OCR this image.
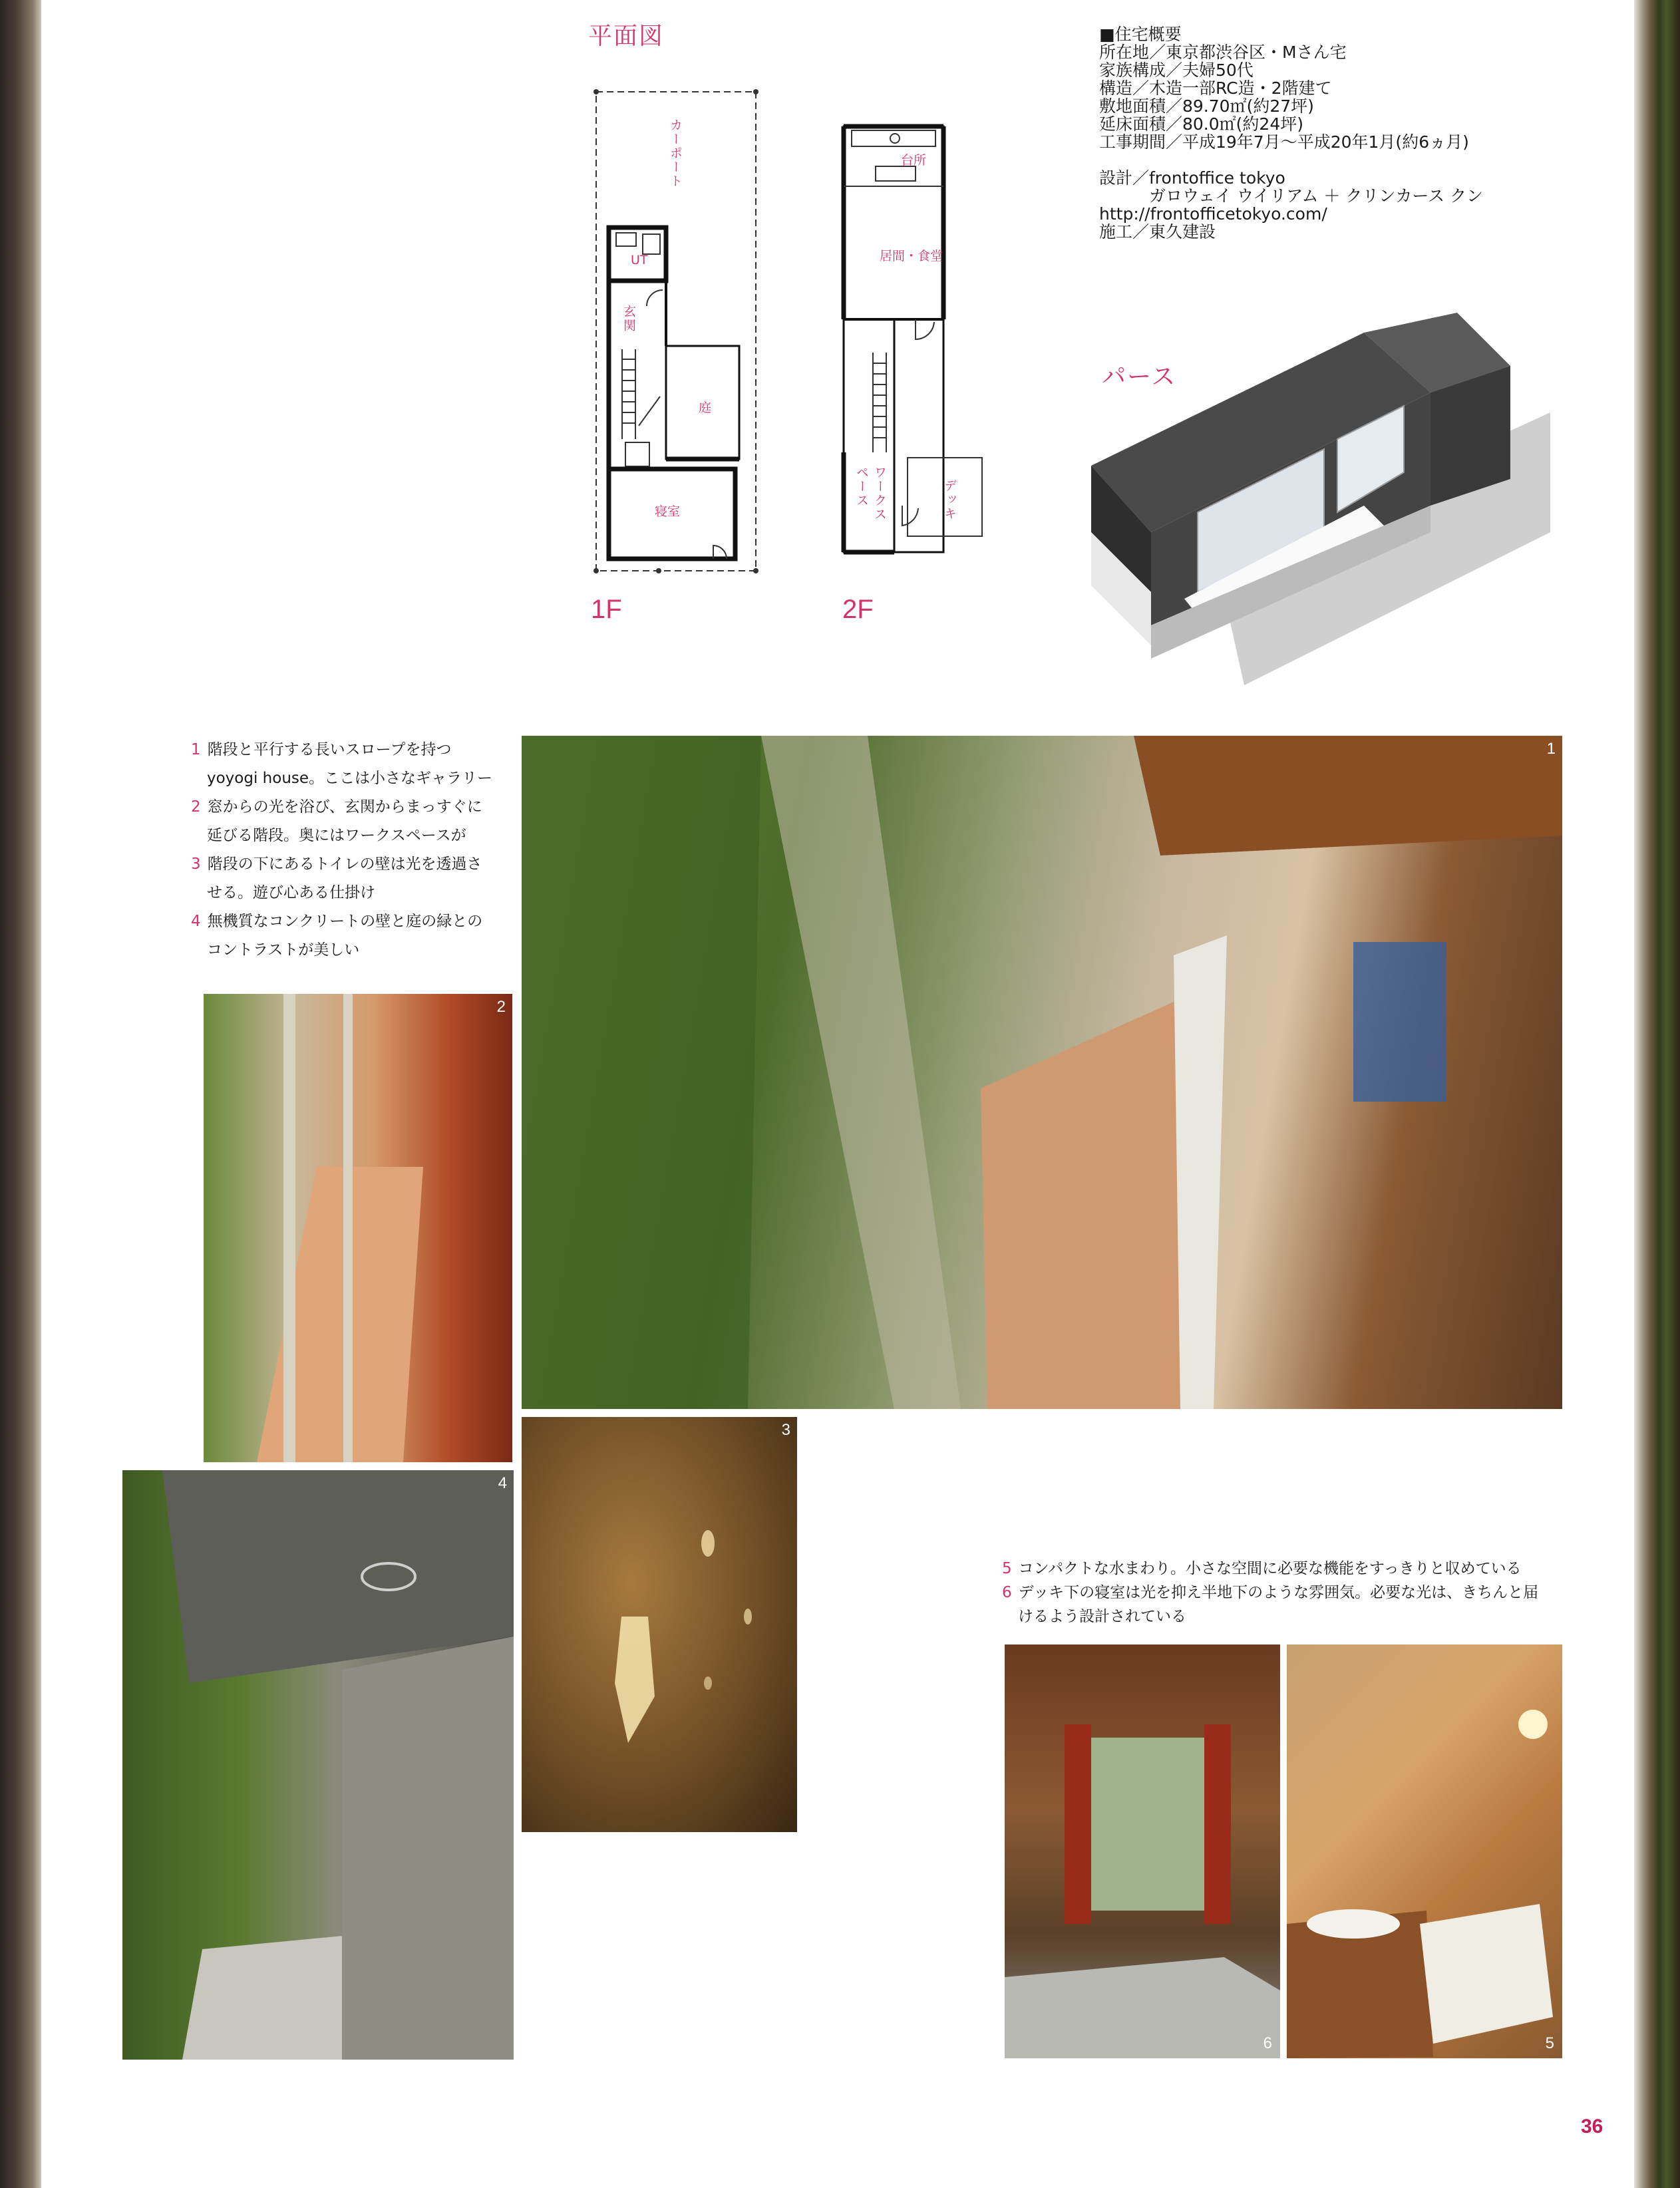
平面図
カーポート
UT
玄関
庭
寝室
台所
居間・食堂
ワークスペース	デッキ
1F	2F
■住宅概要
所在地／東京都渋谷区・Mさん宅
家族構成／夫婦50代
構造／木造一部RC造・2階建て
敷地面積／89.70㎡(約27坪)
延床面積／80.0㎡(約24坪)
工事期間／平成19年7月～平成20年1月(約6ヵ月)
設計／frontoffice tokyo
ガロウェイ ウイリアム ＋ クリンカース クン
http://frontofficetokyo.com/
施工／東久建設
パース
1 階段と平行する長いスロープを持つ
yoyogi house。ここは小さなギャラリー
2 窓からの光を浴び、玄関からまっすぐに
延びる階段。奥にはワークスペースが
3 階段の下にあるトイレの壁は光を透過さ
せる。遊び心ある仕掛け
4 無機質なコンクリートの壁と庭の緑との
コントラストが美しい
1
2
3
4
5 コンパクトな水まわり。小さな空間に必要な機能をすっきりと収めている
6 デッキ下の寝室は光を抑え半地下のような雰囲気。必要な光は、きちんと届
けるよう設計されている
6	5
36
